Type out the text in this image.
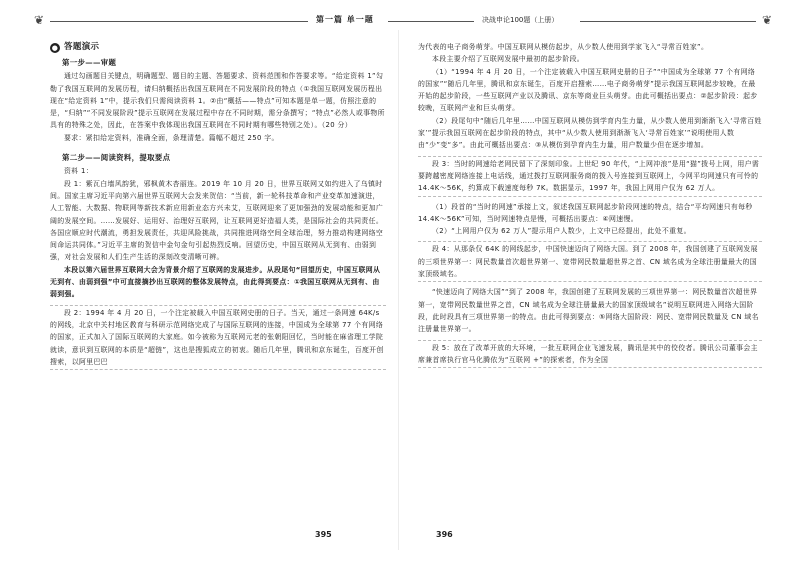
❦	第一篇 单一题	决战申论100题（上册）	❦
● 答题演示
第一步——审题

通过勾画题目关键点，明确题型、题目的主题、答题要求、资料范围和作答要求等。“给定资料 1”勾勒了我国互联网的发展历程，请归纳概括出我国互联网在不同发展阶段的特点（①我国互联网发展历程出现在“给定资料 1”中，提示我们只需阅读资料 1。②由“概括——特点”可知本题是单一题，仿照注意的是，“归纳”“不同发展阶段”提示互联网在发展过程中存在不同时期，需分条撰写；“特点”必然人或事物所具有的特殊之处，因此，在答案中我体现出我国互联网在不同时期有哪些特别之处）。（20 分）

要求：紧扣给定资料，准确全面，条理清楚。篇幅不超过 250 字。

第二步——阅读资料，提取要点

资料 1：

段 1：紫瓦白墙风韵犹，邪枫黄木杏丽连。2019 年 10 月 20 日，世界互联网又如约进入了乌镇时间。国家主席习近平向第六届世界互联网大会发来贺信：“当前，新一轮科技革命和产业变革加速演进，人工智能、大数据、物联网等新技术新应用新业态方兴未艾，互联网迎来了更加强劲的发展动能和更加广阔的发展空间。……发展好、运用好、治理好互联网，让互联网更好造福人类，是国际社会的共同责任。各国应顺应时代潮流，勇担发展责任，共迎风险挑战，共同推进网络空间全球治理，努力推动构建网络空间命运共同体。”习近平主席的贺信中金句金句引起热烈反响。回望历史，中国互联网从无到有、由弱到强，对社会发展和人们生产生活的深刻改变清晰可辨。

本段以第六届世界互联网大会为背景介绍了互联网的发展进步。从段尾句“回望历史，中国互联网从无到有、由弱到强”中可直接摘抄出互联网的整体发展特点，由此得到要点：①我国互联网从无到有、由弱到强。

段 2：1994 年 4 月 20 日，一个注定被载入中国互联网史册的日子。当天，通过一条网速 64K/s 的网线，北京中关村地区教育与科研示范网络完成了与国际互联网的连接，中国成为全球第 77 个有网络的国家，正式加入了国际互联网的大家庭。如今被称为互联网元老的张朝阳回忆，当时能在麻省理工学院就读，意识到互联网的本质是“超链”，这也是搜狐成立的初衷。随后几年里，腾讯和京东诞生，百度开创搜索，以阿里巴巴

395

为代表的电子商务萌芽。中国互联网从模仿起步，从少数人使用到学家飞入“寻常百姓家”。

本段主要介绍了互联网发展中最初的起步阶段。

（1）“1994 年 4 月 20 日，一个注定被载入中国互联网史册的日子”“中国成为全球第 77 个有网络的国家”“随后几年里，腾讯和京东诞生，百度开启搜索……电子商务萌芽”提示我国互联网起步较晚，在最开始的起步阶段，一些互联网产业以及腾讯、京东等商业巨头萌芽。由此可概括出要点：②起步阶段：起步较晚，互联网产业和巨头萌芽。

（2）段尾句中“随后几年里……中国互联网从模仿到学育内生力量，从少数人使用到渐渐飞入‘寻常百姓家’”提示我国互联网在起步阶段的特点，其中“从少数人使用到渐渐飞入‘寻常百姓家’”说明使用人数由“少”变“多”。由此可概括出要点：③从模仿到孕育内生力量，用户数量少但在逐步增加。

段 3：当时的网速给老网民留下了深刻印象。上世纪 90 年代，“上网冲浪”是用“猫”拨号上网，用户需要跨越密度网络连接上电话线，通过拨打互联网服务商的拨入号连接到互联网上，今网平均网速只有可怜的 14.4K～56K，约算成下载速度每秒 7K。数据显示，1997 年，我国上网用户仅为 62 万人。

（1）段首的“当时的网速”承接上文，叙述我国互联网起步阶段网速的特点，结合“平均网速只有每秒 14.4K～56K”可知，当时网速特点是慢，可概括出要点：④网速慢。

（2）“上网用户仅为 62 万人”提示用户人数少，上文中已经提出，此处不重复。

段 4：从那条仅 64K 的网线起步，中国快速迈向了网络大国。到了 2008 年，我国创建了互联网发展的三项世界第一：网民数量首次超世界第一、宽带网民数量超世界之首、CN 域名成为全球注册量最大的国家顶级域名。

“快速迈向了网络大国”“到了 2008 年，我国创建了互联网发展的三项世界第一：网民数量首次超世界第一，宽带网民数量世界之首，CN 域名成为全球注册量最大的国家顶级域名”说明互联网进入网络大国阶段，此时段具有三项世界第一的特点。由此可得到要点：⑤网络大国阶段：网民、宽带网民数量及 CN 域名注册量世界第一。

段 5：放在了改革开放的大环境，一批互联网企业飞速发展，腾讯是其中的佼佼者。腾讯公司董事会主席兼首席执行官马化腾依为“互联网 +”的探索者，作为全国

396
